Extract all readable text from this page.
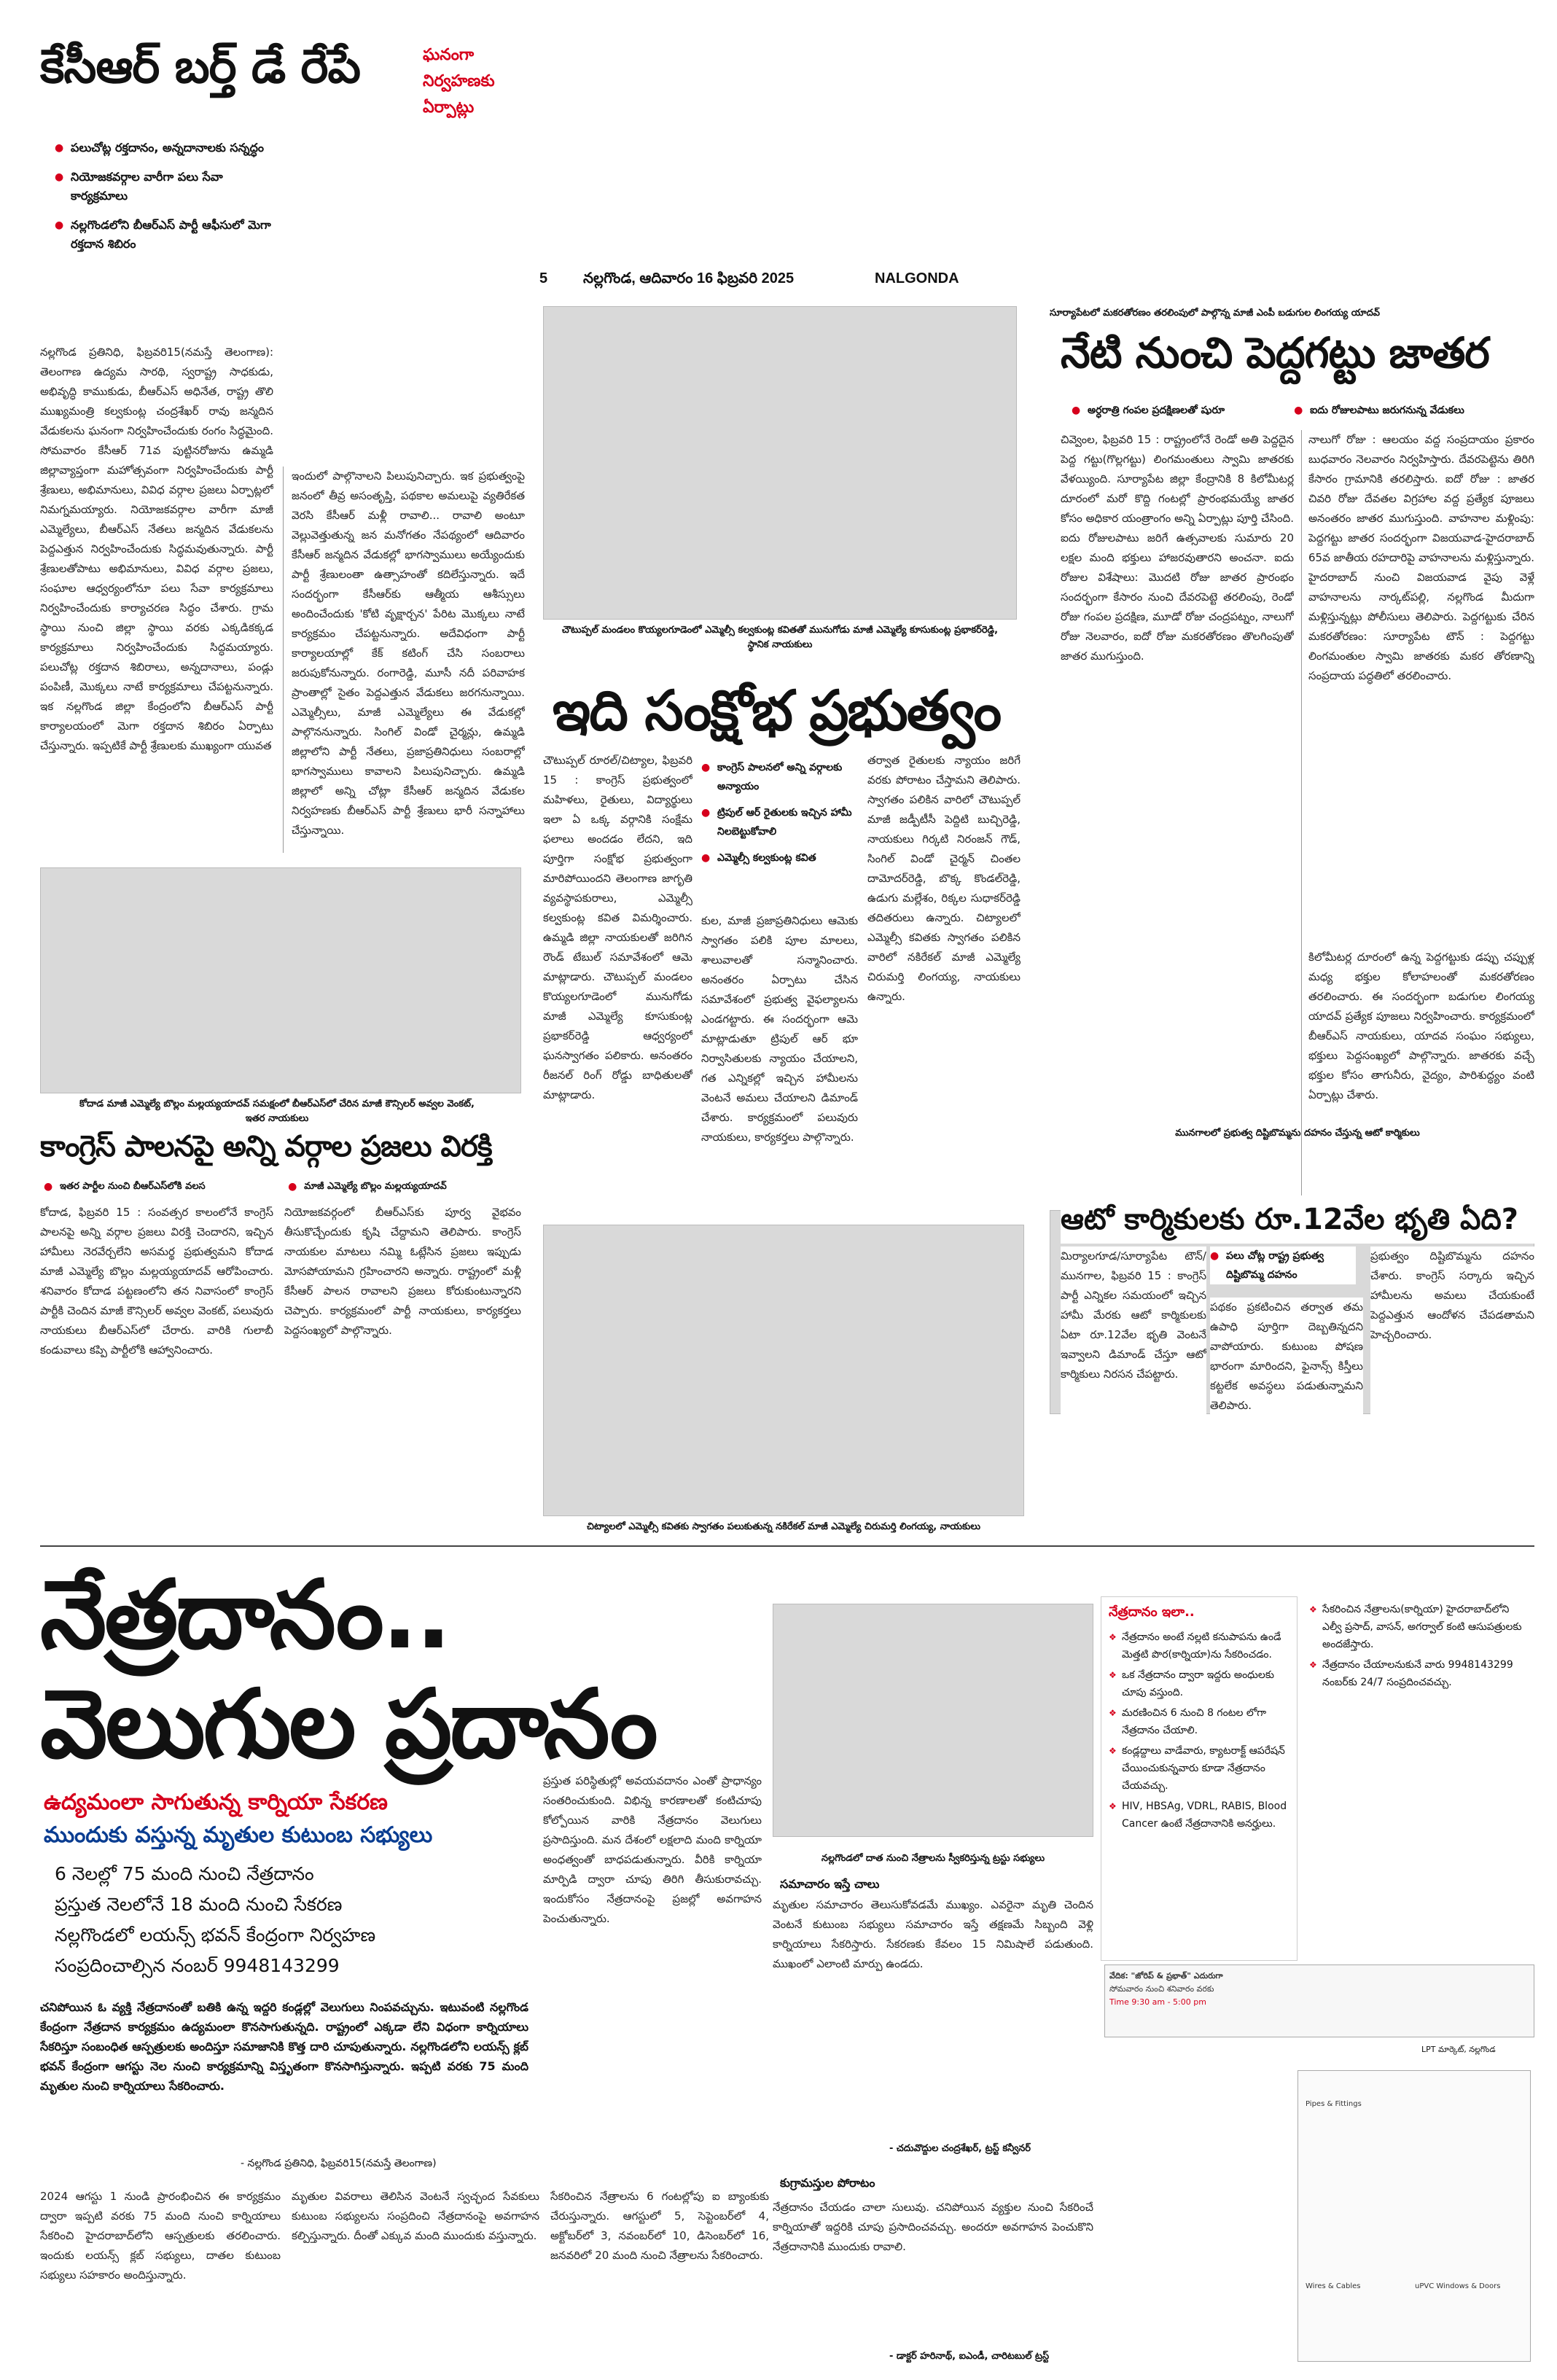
5 నల్లగొండ, ఆదివారం 16 ఫిబ్రవరి 2025	NALGONDA
కేసీఆర్ బర్త్ డే రేపే	ఘనంగా నిర్వహణకు ఏర్పాట్లు
● పలుచోట్ల రక్తదానం, అన్నదానాలకు సన్నద్ధం
● నియోజకవర్గాల వారీగా పలు సేవా కార్యక్రమాలు
● నల్లగొండలోని బీఆర్ఎస్ పార్టీ ఆఫీసులో మెగా రక్తదాన శిబిరం
నల్లగొండ ప్రతినిధి, ఫిబ్రవరి15(నమస్తే తెలంగాణ): తెలంగాణ ఉద్యమ సారథి, స్వరాష్ట్ర సాధకుడు, అభివృద్ధి కాముకుడు, బీఆర్ఎస్ అధినేత, రాష్ట్ర తొలి ముఖ్యమంత్రి కల్వకుంట్ల చంద్రశేఖర్ రావు జన్మదిన వేడుకలను ఘనంగా నిర్వహించేందుకు రంగం సిద్ధమైంది. సోమవారం కేసీఆర్ 71వ పుట్టినరోజును ఉమ్మడి జిల్లావ్యాప్తంగా మహోత్సవంగా నిర్వహించేందుకు పార్టీ శ్రేణులు, అభిమానులు, వివిధ వర్గాల ప్రజలు ఏర్పాట్లలో నిమగ్నమయ్యారు. నియోజకవర్గాల వారీగా మాజీ ఎమ్మెల్యేలు, బీఆర్ఎస్ నేతలు జన్మదిన వేడుకలను పెద్దఎత్తున నిర్వహించేందుకు సిద్ధమవుతున్నారు. పార్టీ శ్రేణులతోపాటు అభిమానులు, వివిధ వర్గాల ప్రజలు, సంఘాల ఆధ్వర్యంలోనూ పలు సేవా కార్యక్రమాలు నిర్వహించేందుకు కార్యాచరణ సిద్ధం చేశారు. గ్రామ స్థాయి నుంచి జిల్లా స్థాయి వరకు ఎక్కడికక్కడ కార్యక్రమాలు నిర్వహించేందుకు సిద్ధమయ్యారు. పలుచోట్ల రక్తదాన శిబిరాలు, అన్నదానాలు, పండ్లు పంపిణీ, మొక్కలు నాటే కార్యక్రమాలు చేపట్టనున్నారు. ఇక నల్లగొండ జిల్లా కేంద్రంలోని బీఆర్ఎస్ పార్టీ కార్యాలయంలో మెగా రక్తదాన శిబిరం ఏర్పాటు చేస్తున్నారు. ఇప్పటికే పార్టీ శ్రేణులకు ముఖ్యంగా యువత
ఇందులో పాల్గొనాలని పిలుపునిచ్చారు. ఇక ప్రభుత్వంపై జనంలో తీవ్ర అసంతృప్తి, పథకాల అమలుపై వ్యతిరేకత వెరసి కేసీఆర్ మళ్లీ రావాలి... రావాలి అంటూ వెల్లువెత్తుతున్న జన మనోగతం నేపథ్యంలో ఆదివారం కేసీఆర్ జన్మదిన వేడుకల్లో భాగస్వాములు అయ్యేందుకు పార్టీ శ్రేణులంతా ఉత్సాహంతో కదిలేస్తున్నారు. ఇదే సందర్భంగా కేసీఆర్‌కు ఆత్మీయ ఆశీస్సులు అందించేందుకు 'కోటి వృక్షార్చన' పేరిట మొక్కలు నాటే కార్యక్రమం చేపట్టనున్నారు. అదేవిధంగా పార్టీ కార్యాలయాల్లో కేక్ కటింగ్ చేసి సంబరాలు జరుపుకోనున్నారు. రంగారెడ్డి, మూసీ నదీ పరివాహక ప్రాంతాల్లో సైతం పెద్దఎత్తున వేడుకలు జరగనున్నాయి. ఎమ్మెల్సీలు, మాజీ ఎమ్మెల్యేలు ఈ వేడుకల్లో పాల్గొననున్నారు. సింగిల్ విండో చైర్మన్లు, ఉమ్మడి జిల్లాలోని పార్టీ నేతలు, ప్రజాప్రతినిధులు సంబరాల్లో భాగస్వాములు కావాలని పిలుపునిచ్చారు. ఉమ్మడి జిల్లాలో అన్ని చోట్లా కేసీఆర్ జన్మదిన వేడుకల నిర్వహణకు బీఆర్ఎస్ పార్టీ శ్రేణులు భారీ సన్నాహాలు చేస్తున్నాయి.
చౌటుప్పల్ మండలం కొయ్యలగూడెంలో ఎమ్మెల్సీ కల్వకుంట్ల కవితతో మునుగోడు మాజీ ఎమ్మెల్యే కూసుకుంట్ల ప్రభాకర్‌రెడ్డి, స్థానిక నాయకులు
ఇది సంక్షోభ ప్రభుత్వం
చౌటుప్పల్ రూరల్/చిట్యాల, ఫిబ్రవరి 15 : కాంగ్రెస్ ప్రభుత్వంలో మహిళలు, రైతులు, విద్యార్థులు ఇలా ఏ ఒక్క వర్గానికి సంక్షేమ ఫలాలు అందడం లేదని, ఇది పూర్తిగా సంక్షోభ ప్రభుత్వంగా మారిపోయిందని తెలంగాణ జాగృతి వ్యవస్థాపకురాలు, ఎమ్మెల్సీ కల్వకుంట్ల కవిత విమర్శించారు. ఉమ్మడి జిల్లా నాయకులతో జరిగిన రౌండ్ టేబుల్ సమావేశంలో ఆమె మాట్లాడారు. చౌటుప్పల్ మండలం కొయ్యలగూడెంలో మునుగోడు మాజీ ఎమ్మెల్యే కూసుకుంట్ల ప్రభాకర్‌రెడ్డి ఆధ్వర్యంలో ఘనస్వాగతం పలికారు. అనంతరం రీజనల్ రింగ్ రోడ్డు బాధితులతో మాట్లాడారు.
● కాంగ్రెస్ పాలనలో అన్ని వర్గాలకు అన్యాయం
● ట్రిపుల్ ఆర్ రైతులకు ఇచ్చిన హామీ నిలబెట్టుకోవాలి
● ఎమ్మెల్సీ కల్వకుంట్ల కవిత
కుల, మాజీ ప్రజాప్రతినిధులు ఆమెకు స్వాగతం పలికి పూల మాలలు, శాలువాలతో సన్మానించారు. అనంతరం ఏర్పాటు చేసిన సమావేశంలో ప్రభుత్వ వైఫల్యాలను ఎండగట్టారు. ఈ సందర్భంగా ఆమె మాట్లాడుతూ ట్రిపుల్ ఆర్ భూ నిర్వాసితులకు న్యాయం చేయాలని, గత ఎన్నికల్లో ఇచ్చిన హామీలను వెంటనే అమలు చేయాలని డిమాండ్ చేశారు. కార్యక్రమంలో పలువురు నాయకులు, కార్యకర్తలు పాల్గొన్నారు.
తర్వాత రైతులకు న్యాయం జరిగే వరకు పోరాటం చేస్తామని తెలిపారు. స్వాగతం పలికిన వారిలో చౌటుప్పల్ మాజీ జడ్పీటీసీ పెద్దిటి బుచ్చిరెడ్డి, నాయకులు గిర్కటి నిరంజన్ గౌడ్, సింగిల్ విండో చైర్మన్ చింతల దామోదర్‌రెడ్డి, బొక్క కొండల్‌రెడ్డి, ఉడుగు మల్లేశం, రిక్కల సుధాకర్‌రెడ్డి తదితరులు ఉన్నారు. చిట్యాలలో ఎమ్మెల్సీ కవితకు స్వాగతం పలికిన వారిలో నకిరేకల్ మాజీ ఎమ్మెల్యే చిరుమర్తి లింగయ్య, నాయకులు ఉన్నారు.
చిట్యాలలో ఎమ్మెల్సీ కవితకు స్వాగతం పలుకుతున్న నకిరేకల్ మాజీ ఎమ్మెల్యే చిరుమర్తి లింగయ్య, నాయకులు
సూర్యాపేటలో మకరతోరణం తరలింపులో పాల్గొన్న మాజీ ఎంపీ బడుగుల లింగయ్య యాదవ్
నేటి నుంచి పెద్దగట్టు జాతర
● అర్ధరాత్రి గంపల ప్రదక్షిణలతో షురూ	● ఐదు రోజులపాటు జరుగనున్న వేడుకలు
చివ్వెంల, ఫిబ్రవరి 15 : రాష్ట్రంలోనే రెండో అతి పెద్దదైన పెద్ద గట్టు(గొల్లగట్టు) లింగమంతులు స్వామి జాతరకు వేళయ్యింది. సూర్యాపేట జిల్లా కేంద్రానికి 8 కిలోమీటర్ల దూరంలో మరో కొద్ది గంటల్లో ప్రారంభమయ్యే జాతర కోసం అధికార యంత్రాంగం అన్ని ఏర్పాట్లు పూర్తి చేసింది. ఐదు రోజులపాటు జరిగే ఉత్సవాలకు సుమారు 20 లక్షల మంది భక్తులు హాజరవుతారని అంచనా. ఐదు రోజుల విశేషాలు: మొదటి రోజు జాతర ప్రారంభం సందర్భంగా కేసారం నుంచి దేవరపెట్టె తరలింపు, రెండో రోజు గంపల ప్రదక్షిణ, మూడో రోజు చంద్రపట్నం, నాలుగో రోజు నెలవారం, ఐదో రోజు మకరతోరణం తొలగింపుతో జాతర ముగుస్తుంది.
నాలుగో రోజు : ఆలయం వద్ద సంప్రదాయం ప్రకారం బుధవారం నెలవారం నిర్వహిస్తారు. దేవరపెట్టెను తిరిగి కేసారం గ్రామానికి తరలిస్తారు. ఐదో రోజు : జాతర చివరి రోజు దేవతల విగ్రహాల వద్ద ప్రత్యేక పూజలు అనంతరం జాతర ముగుస్తుంది. వాహనాల మళ్లింపు: పెద్దగట్టు జాతర సందర్భంగా విజయవాడ-హైదరాబాద్ 65వ జాతీయ రహదారిపై వాహనాలను మళ్లిస్తున్నారు. హైదరాబాద్ నుంచి విజయవాడ వైపు వెళ్లే వాహనాలను నార్కట్‌పల్లి, నల్లగొండ మీదుగా మళ్లిస్తున్నట్లు పోలీసులు తెలిపారు. పెద్దగట్టుకు చేరిన మకరతోరణం: సూర్యాపేట టౌన్ : పెద్దగట్టు లింగమంతుల స్వామి జాతరకు మకర తోరణాన్ని సంప్రదాయ పద్ధతిలో తరలించారు.
కిలోమీటర్ల దూరంలో ఉన్న పెద్దగట్టుకు డప్పు చప్పుళ్ల మధ్య భక్తుల కోలాహలంతో మకరతోరణం తరలించారు. ఈ సందర్భంగా బడుగుల లింగయ్య యాదవ్ ప్రత్యేక పూజలు నిర్వహించారు. కార్యక్రమంలో బీఆర్ఎస్ నాయకులు, యాదవ సంఘం సభ్యులు, భక్తులు పెద్దసంఖ్యలో పాల్గొన్నారు. జాతరకు వచ్చే భక్తుల కోసం తాగునీరు, వైద్యం, పారిశుద్ధ్యం వంటి ఏర్పాట్లు చేశారు.
కోదాడ మాజీ ఎమ్మెల్యే బొల్లం మల్లయ్యయాదవ్ సమక్షంలో బీఆర్ఎస్‌లో చేరిన మాజీ కౌన్సిలర్ అవ్వల వెంకట్, ఇతర నాయకులు
కాంగ్రెస్ పాలనపై అన్ని వర్గాల ప్రజలు విరక్తి
● ఇతర పార్టీల నుంచి బీఆర్ఎస్‌లోకి వలస	● మాజీ ఎమ్మెల్యే బొల్లం మల్లయ్యయాదవ్
కోదాడ, ఫిబ్రవరి 15 : సంవత్సర కాలంలోనే కాంగ్రెస్ పాలనపై అన్ని వర్గాల ప్రజలు విరక్తి చెందారని, ఇచ్చిన హామీలు నెరవేర్చలేని అసమర్థ ప్రభుత్వమని కోదాడ మాజీ ఎమ్మెల్యే బొల్లం మల్లయ్యయాదవ్ ఆరోపించారు. శనివారం కోదాడ పట్టణంలోని తన నివాసంలో కాంగ్రెస్ పార్టీకి చెందిన మాజీ కౌన్సిలర్ అవ్వల వెంకట్, పలువురు నాయకులు బీఆర్ఎస్‌లో చేరారు. వారికి గులాబీ కండువాలు కప్పి పార్టీలోకి ఆహ్వానించారు.
నియోజకవర్గంలో బీఆర్ఎస్‌కు పూర్వ వైభవం తీసుకొచ్చేందుకు కృషి చేద్దామని తెలిపారు. కాంగ్రెస్ నాయకుల మాటలు నమ్మి ఓట్లేసిన ప్రజలు ఇప్పుడు మోసపోయామని గ్రహించారని అన్నారు. రాష్ట్రంలో మళ్లీ కేసీఆర్ పాలన రావాలని ప్రజలు కోరుకుంటున్నారని చెప్పారు. కార్యక్రమంలో పార్టీ నాయకులు, కార్యకర్తలు పెద్దసంఖ్యలో పాల్గొన్నారు.
మునగాలలో ప్రభుత్వ దిష్టిబొమ్మను దహనం చేస్తున్న ఆటో కార్మికులు
ఆటో కార్మికులకు రూ.12వేల భృతి ఏది?
మిర్యాలగూడ/సూర్యాపేట టౌన్/మునగాల, ఫిబ్రవరి 15 : కాంగ్రెస్ పార్టీ ఎన్నికల సమయంలో ఇచ్చిన హామీ మేరకు ఆటో కార్మికులకు ఏటా రూ.12వేల భృతి వెంటనే ఇవ్వాలని డిమాండ్ చేస్తూ ఆటో కార్మికులు నిరసన చేపట్టారు.
● పలు చోట్ల రాష్ట్ర ప్రభుత్వ దిష్టిబొమ్మ దహనం
పథకం ప్రకటించిన తర్వాత తమ ఉపాధి పూర్తిగా దెబ్బతిన్నదని వాపోయారు. కుటుంబ పోషణ భారంగా మారిందని, ఫైనాన్స్ కిస్తీలు కట్టలేక అవస్థలు పడుతున్నామని తెలిపారు.
ప్రభుత్వం దిష్టిబొమ్మను దహనం చేశారు. కాంగ్రెస్ సర్కారు ఇచ్చిన హామీలను అమలు చేయకుంటే పెద్దఎత్తున ఆందోళన చేపడతామని హెచ్చరించారు.
నేత్రదానం..
వెలుగుల ప్రదానం
ఉద్యమంలా సాగుతున్న కార్నియా సేకరణ
ముందుకు వస్తున్న మృతుల కుటుంబ సభ్యులు
6 నెలల్లో 75 మంది నుంచి నేత్రదానం
ప్రస్తుత నెలలోనే 18 మంది నుంచి సేకరణ
నల్లగొండలో లయన్స్ భవన్ కేంద్రంగా నిర్వహణ
సంప్రదించాల్సిన నంబర్ 9948143299
చనిపోయిన ఓ వ్యక్తి నేత్రదానంతో బతికి ఉన్న ఇద్దరి కండ్లల్లో వెలుగులు నింపవచ్చును. ఇటువంటి నల్లగొండ కేంద్రంగా నేత్రదాన కార్యక్రమం ఉద్యమంలా కొనసాగుతున్నది. రాష్ట్రంలో ఎక్కడా లేని విధంగా కార్నియాలు సేకరిస్తూ సంబంధిత ఆస్పత్రులకు అందిస్తూ సమాజానికి కొత్త దారి చూపుతున్నారు. నల్లగొండలోని లయన్స్ క్లబ్ భవన్ కేంద్రంగా ఆగస్టు నెల నుంచి కార్యక్రమాన్ని విస్తృతంగా కొనసాగిస్తున్నారు. ఇప్పటి వరకు 75 మంది మృతుల నుంచి కార్నియాలు సేకరించారు.
- నల్లగొండ ప్రతినిధి, ఫిబ్రవరి15(నమస్తే తెలంగాణ)
ప్రస్తుత పరిస్థితుల్లో అవయవదానం ఎంతో ప్రాధాన్యం సంతరించుకుంది. విభిన్న కారణాలతో కంటిచూపు కోల్పోయిన వారికి నేత్రదానం వెలుగులు ప్రసాదిస్తుంది. మన దేశంలో లక్షలాది మంది కార్నియా అంధత్వంతో బాధపడుతున్నారు. వీరికి కార్నియా మార్పిడి ద్వారా చూపు తిరిగి తీసుకురావచ్చు. ఇందుకోసం నేత్రదానంపై ప్రజల్లో అవగాహన పెంచుతున్నారు.
నల్లగొండలో దాత నుంచి నేత్రాలను స్వీకరిస్తున్న ట్రస్టు సభ్యులు
సమాచారం ఇస్తే చాలు
మృతుల సమాచారం తెలుసుకోవడమే ముఖ్యం. ఎవరైనా మృతి చెందిన వెంటనే కుటుంబ సభ్యులు సమాచారం ఇస్తే తక్షణమే సిబ్బంది వెళ్లి కార్నియాలు సేకరిస్తారు. సేకరణకు కేవలం 15 నిమిషాలే పడుతుంది. ముఖంలో ఎలాంటి మార్పు ఉండదు.
- చదువొద్దుల చంద్రశేఖర్, ట్రస్ట్ కన్వీనర్
నేత్రదానం ఇలా..
❖ నేత్రదానం అంటే నల్లటి కనుపాపను ఉండే మెత్తటి పొర(కార్నియా)ను సేకరించడం.
❖ ఒక నేత్రదానం ద్వారా ఇద్దరు అంధులకు చూపు వస్తుంది.
❖ మరణించిన 6 నుంచి 8 గంటల లోగా నేత్రదానం చేయాలి.
❖ కండ్లద్దాలు వాడేవారు, క్యాటరాక్ట్ ఆపరేషన్ చేయించుకున్నవారు కూడా నేత్రదానం చేయవచ్చు.
❖ HIV, HBSAg, VDRL, RABIS, Blood Cancer ఉంటే నేత్రదానానికి అనర్హులు.
❖ సేకరించిన నేత్రాలను(కార్నియా) హైదరాబాద్‌లోని ఎల్వీ ప్రసాద్, వాసన్, అగర్వాల్ కంటి ఆసుపత్రులకు అందజేస్తారు.
❖ నేత్రదానం చేయాలనుకునే వారు 9948143299 నంబర్‌కు 24/7 సంప్రదించవచ్చు.
వేదిక: "జోరిప్ & ప్రభాత్" ఎదురుగా
సోమవారం నుంచి శనివారం వరకు
Time 9:30 am - 5:00 pm
LPT మార్కెట్, నల్లగొండ
Pipes & Fittings
Wires & Cables	uPVC Windows & Doors
2024 ఆగస్టు 1 నుండి ప్రారంభించిన ఈ కార్యక్రమం ద్వారా ఇప్పటి వరకు 75 మంది నుంచి కార్నియాలు సేకరించి హైదరాబాద్‌లోని ఆస్పత్రులకు తరలించారు. ఇందుకు లయన్స్ క్లబ్ సభ్యులు, దాతల కుటుంబ సభ్యులు సహకారం అందిస్తున్నారు.
మృతుల వివరాలు తెలిసిన వెంటనే స్వచ్ఛంద సేవకులు కుటుంబ సభ్యులను సంప్రదించి నేత్రదానంపై అవగాహన కల్పిస్తున్నారు. దీంతో ఎక్కువ మంది ముందుకు వస్తున్నారు.
సేకరించిన నేత్రాలను 6 గంటల్లోపు ఐ బ్యాంకుకు చేరుస్తున్నారు. ఆగస్టులో 5, సెప్టెంబర్‌లో 4, అక్టోబర్‌లో 3, నవంబర్‌లో 10, డిసెంబర్‌లో 16, జనవరిలో 20 మంది నుంచి నేత్రాలను సేకరించారు.
కుగ్రామస్తుల పోరాటం
నేత్రదానం చేయడం చాలా సులువు. చనిపోయిన వ్యక్తుల నుంచి సేకరించే కార్నియాతో ఇద్దరికి చూపు ప్రసాదించవచ్చు. అందరూ అవగాహన పెంచుకొని నేత్రదానానికి ముందుకు రావాలి.
- డాక్టర్ హరినాథ్, ఐఎండీ, చారిటబుల్ ట్రస్ట్
